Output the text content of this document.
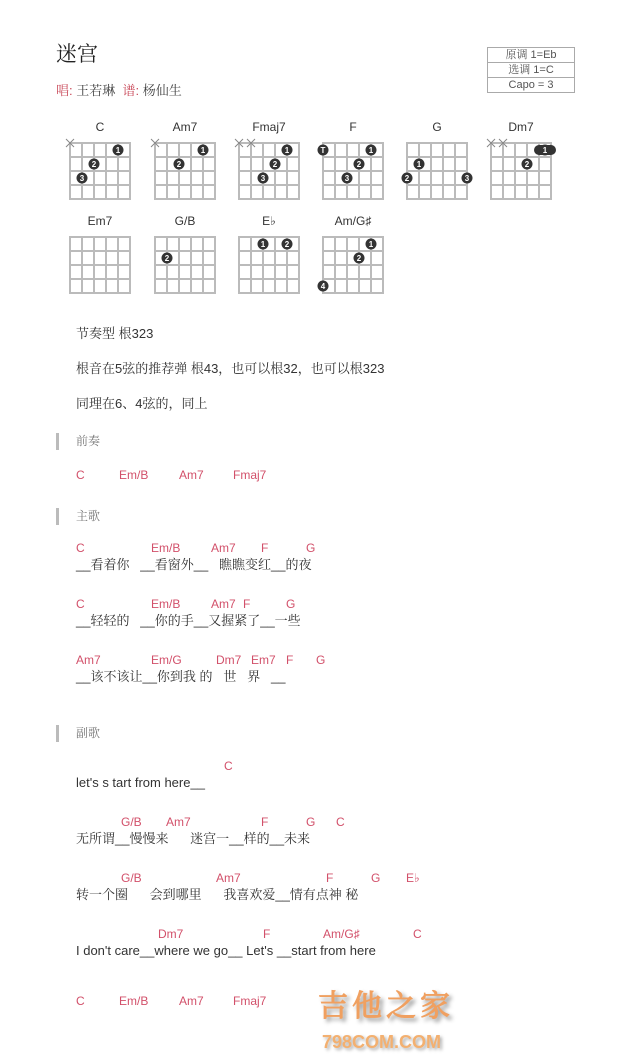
迷宫
唱: 王若琳 谱: 杨仙生
原调 1=Eb
选调 1=C
Capo = 3
节奏型 根323
根音在5弦的推荐弹 根43，也可以根32，也可以根323
同理在6、4弦的，同上
前奏
主歌
副歌
吉他之家
798COM.COM
C
1
2
3
Am7
1
2
Fmaj7
1
2
3
F
T	1
2
3
G
1
2	3
Dm7
1
2
Em7	G/B
2
E♭
1 2
Am/G♯
1
2
4
C	Em/B	Am7 Fmaj7
C	Em/B	Am7 F	G
__看着你   __看窗外__   瞧瞧变红__的夜
C	Em/B	Am7 F	G
__轻轻的   __你的手__又握紧了__一些
Am7	Em/G	Dm7 Em7 F G
__该不该让__你到我 的   世   界   __
C
let's s tart from here__
G/B Am7	F	G C
无所谓__慢慢来      迷宫一__样的__未来
G/B	Am7	F	G E♭
转一个圈      会到哪里      我喜欢爱__情有点神 秘
Dm7	F	Am/G♯	C
I don't care__where we go__ Let's __start from here
C	Em/B	Am7 Fmaj7
